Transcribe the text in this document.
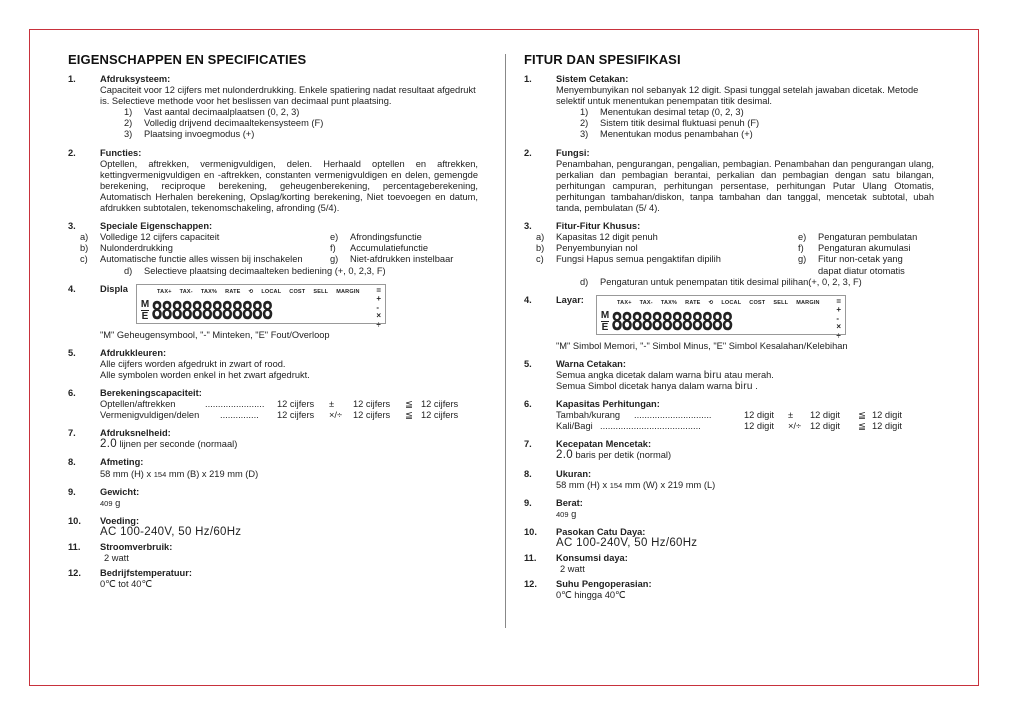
EIGENSCHAPPEN EN SPECIFICATIES
1.	Afdruksysteem:
Capaciteit voor 12 cijfers met nulonderdrukking. Enkele spatiering nadat resultaat afgedrukt is. Selectieve methode voor het beslissen van decimaal punt plaatsing.
1) Vast aantal decimaalplaatsen (0, 2, 3)
2) Volledig drijvend decimaaltekensysteem (F)
3) Plaatsing invoegmodus (+)
2.	Functies:
Optellen, aftrekken, vermenigvuldigen, delen. Herhaald optellen en aftrekken, kettingvermenigvuldigen en -aftrekken, constanten vermenigvuldigen en delen, gemengde berekening, reciproque berekening, geheugenberekening, percentageberekening, Automatisch Herhalen berekening, Opslag/korting berekening, Niet toevoegen en datum, afdrukken subtotalen, tekenomschakeling, afronding (5/4).
3.	Speciale Eigenschappen:
a) Volledige 12 cijfers capaciteit	e) Afrondingsfunctie
b) Nulonderdrukking	f) Accumulatiefunctie
c) Automatische functie alles wissen bij inschakelen	g) Niet-afdrukken instelbaar
d) Selectieve plaatsing decimaalteken bediening (+, 0, 2,3, F)
4.	Displa	TAX+ TAX- TAX% RATE ⟲ LOCAL COST SELL MARGIN
M
E 888888888888
=
+
-
×
÷
"M" Geheugensymbool, "-" Minteken, "E" Fout/Overloop
5.	Afdrukkleuren:
Alle cijfers worden afgedrukt in zwart of rood.
Alle symbolen worden enkel in het zwart afgedrukt.
6.	Berekeningscapaciteit:
Optellen/aftrekken	.......................	12 cijfers	±	12 cijfers	≦ 12 cijfers
Vermenigvuldigen/delen	...............	12 cijfers	×/÷	12 cijfers	≦ 12 cijfers
7.	Afdruksnelheid:
2.0 lijnen per seconde (normaal)
8.	Afmeting:
58 mm (H) x 154 mm (B) x 219 mm (D)
9.	Gewicht:
409 g
10. Voeding:
AC 100-240V, 50 Hz/60Hz
11. Stroomverbruik:
2 watt
12. Bedrijfstemperatuur:
0℃ tot 40℃
FITUR DAN SPESIFIKASI
1.	Sistem Cetakan:
Menyembunyikan nol sebanyak 12 digit. Spasi tunggal setelah jawaban dicetak. Metode selektif untuk menentukan penempatan titik desimal.
1) Menentukan desimal tetap (0, 2, 3)
2) Sistem titik desimal fluktuasi penuh (F)
3) Menentukan modus penambahan (+)
2.	Fungsi:
Penambahan, pengurangan, pengalian, pembagian. Penambahan dan pengurangan ulang, perkalian dan pembagian berantai, perkalian dan pembagian dengan satu bilangan, perhitungan campuran, perhitungan persentase, perhitungan Putar Ulang Otomatis, perhitungan tambahan/diskon, tanpa tambahan dan tanggal, mencetak subtotal, ubah tanda, pembulatan (5/ 4).
3.	Fitur-Fitur Khusus:
a) Kapasitas 12 digit penuh	e) Pengaturan pembulatan
b) Penyembunyian nol	f) Pengaturan akumulasi
c) Fungsi Hapus semua pengaktifan dipilih	g) Fitur non-cetak yang dapat diatur otomatis
d) Pengaturan untuk penempatan titik desimal pilihan(+, 0, 2, 3, F)
4.	Layar:	TAX+ TAX- TAX% RATE ⟲ LOCAL COST SELL MARGIN
M
E 888888888888
=
+
-
×
÷
"M" Simbol Memori, "-" Simbol Minus, "E" Simbol Kesalahan/Kelebihan
5.	Warna Cetakan:
Semua angka dicetak dalam warna biru atau merah.
Semua Simbol dicetak hanya dalam warna biru .
6.	Kapasitas Perhitungan:
Tambah/kurang	..............................	12 digit	±	12 digit	≦ 12 digit
Kali/Bagi .......................................	12 digit	×/÷ 12 digit	≦ 12 digit
7.	Kecepatan Mencetak:
2.0 baris per detik (normal)
8.	Ukuran:
58 mm (H) x 154 mm (W) x 219 mm (L)
9.	Berat:
409 g
10. Pasokan Catu Daya:
AC 100-240V, 50 Hz/60Hz
11. Konsumsi daya:
2 watt
12. Suhu Pengoperasian:
0℃ hingga 40℃
